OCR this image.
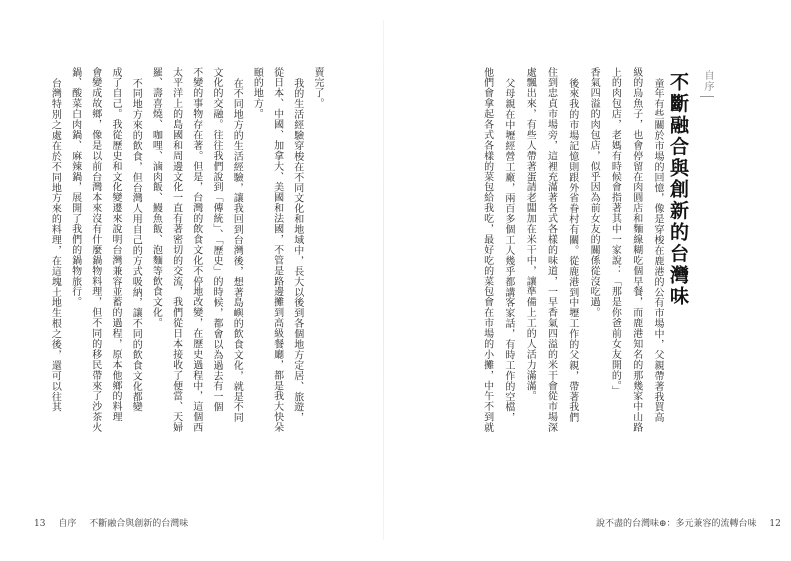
賣完了。

我的生活經驗穿梭在不同文化和地域中，長大以後到各個地方定居、旅遊，

從日本、中國、加拿大、美國和法國，不管是路邊攤到高級餐廳，都是我大快朵

頤的地方。

在不同地方的生活經驗，讓我回到台灣後，想著島嶼的飲食文化，就是不同

文化的交融。往往我們說到「傳統」、「歷史」的時候，都會以為過去有一個

不變的事物存在著。但是，台灣的飲食文化不停地改變，在歷史過程中，這個西

太平洋上的島國和周邊文化一直有著密切的交流，我們從日本接收了便當、天婦

羅、壽喜燒、咖哩、滷肉飯、鰻魚飯、泡麵等飲食文化。

不同地方來的飲食，但台灣人用自己的方式吸納，讓不同的飲食文化都變

成了自己。我從歷史和文化變遷來說明台灣兼容並蓄的過程，原本他鄉的料理

會變成故鄉，像是以前台灣本來沒有什麼鍋物料理，但不同的移民帶來了沙茶火

鍋、酸菜白肉鍋、麻辣鍋，展開了我們的鍋物旅行。

台灣特別之處在於不同地方來的料理，在這塊土地生根之後，還可以往其

13 自序 不斷融合與創新的台灣味

童年有些關於市場的回憶，像是穿梭在鹿港的公有市場中，父親帶著我買高

級的烏魚子，也會停留在肉圓店和麵線糊吃個早餐，而鹿港知名的那幾家中山路

上的肉包店，老媽有時候會指著其中一家說：「那是你爸前女友開的。」

香氣四溢的肉包店，似乎因為前女友的關係從沒吃過。

後來我的市場記憶則跟外省眷村有關。從鹿港到中壢工作的父親，帶著我們

住到忠貞市場旁，這裡充滿著各式各樣的味道，一早香氣四溢的米干會從市場深

處飄出來，有些人帶著蛋請老闆加在米干中，讓準備上工的人活力滿滿。

父母親在中壢經營工廠，兩百多個工人幾乎都講客家話，有時工作的空檔，

他們會拿起各式各樣的菜包給我吃，最好吃的菜包會在市場的小攤，中午不到就

說不盡的台灣味⊕：多元兼容的流轉台味 12
自序
不斷融合與創新的台灣味
